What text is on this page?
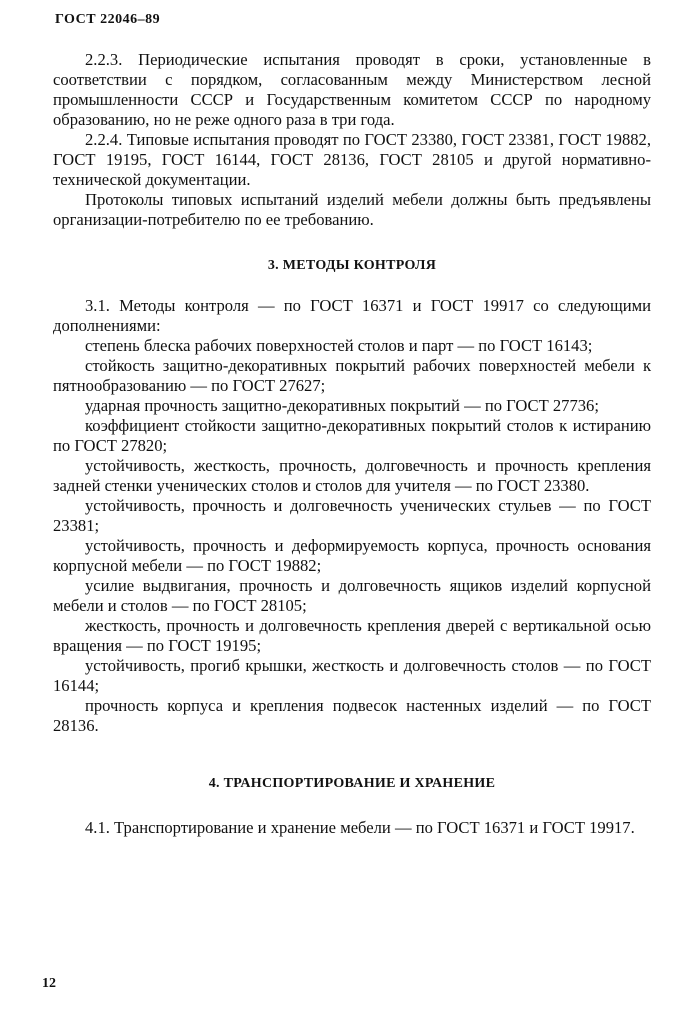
ГОСТ 22046–89

2.2.3. Периодические испытания проводят в сроки, установленные в соответствии с порядком, согласованным между Министерством лесной промышленности СССР и Государственным комитетом СССР по народному образованию, но не реже одного раза в три года.

2.2.4. Типовые испытания проводят по ГОСТ 23380, ГОСТ 23381, ГОСТ 19882, ГОСТ 19195, ГОСТ 16144, ГОСТ 28136, ГОСТ 28105 и другой нормативно-технической документации.

Протоколы типовых испытаний изделий мебели должны быть предъявлены организации-потребителю по ее требованию.

3. МЕТОДЫ КОНТРОЛЯ

3.1. Методы контроля — по ГОСТ 16371 и ГОСТ 19917 со следующими дополнениями:

степень блеска рабочих поверхностей столов и парт — по ГОСТ 16143;

стойкость защитно-декоративных покрытий рабочих поверхностей мебели к пятнообразованию — по ГОСТ 27627;

ударная прочность защитно-декоративных покрытий — по ГОСТ 27736;

коэффициент стойкости защитно-декоративных покрытий столов к истиранию по ГОСТ 27820;

устойчивость, жесткость, прочность, долговечность и прочность крепления задней стенки ученических столов и столов для учителя — по ГОСТ 23380.

устойчивость, прочность и долговечность ученических стульев — по ГОСТ 23381;

устойчивость, прочность и деформируемость корпуса, прочность основания корпусной мебели — по ГОСТ 19882;

усилие выдвигания, прочность и долговечность ящиков изделий корпусной мебели и столов — по ГОСТ 28105;

жесткость, прочность и долговечность крепления дверей с вертикальной осью вращения — по ГОСТ 19195;

устойчивость, прогиб крышки, жесткость и долговечность столов — по ГОСТ 16144;

прочность корпуса и крепления подвесок настенных изделий — по ГОСТ 28136.

4. ТРАНСПОРТИРОВАНИЕ И ХРАНЕНИЕ

4.1. Транспортирование и хранение мебели — по ГОСТ 16371 и ГОСТ 19917.

12
